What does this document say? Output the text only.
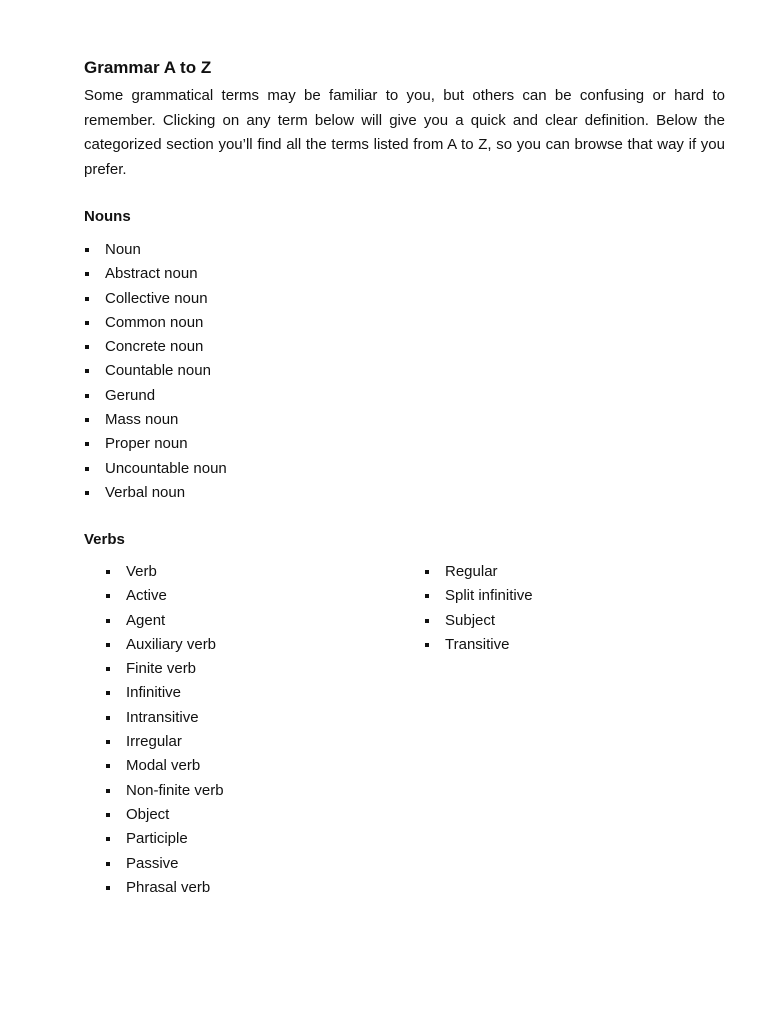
Grammar A to Z

Some grammatical terms may be familiar to you, but others can be confusing or hard to remember. Clicking on any term below will give you a quick and clear definition. Below the categorized section you’ll find all the terms listed from A to Z, so you can browse that way if you prefer.

Nouns
Noun
Abstract noun
Collective noun
Common noun
Concrete noun
Countable noun
Gerund
Mass noun
Proper noun
Uncountable noun
Verbal noun
Verbs
Verb
Active
Agent
Auxiliary verb
Finite verb
Infinitive
Intransitive
Irregular
Modal verb
Non-finite verb
Object
Participle
Passive
Phrasal verb
Regular
Split infinitive
Subject
Transitive
